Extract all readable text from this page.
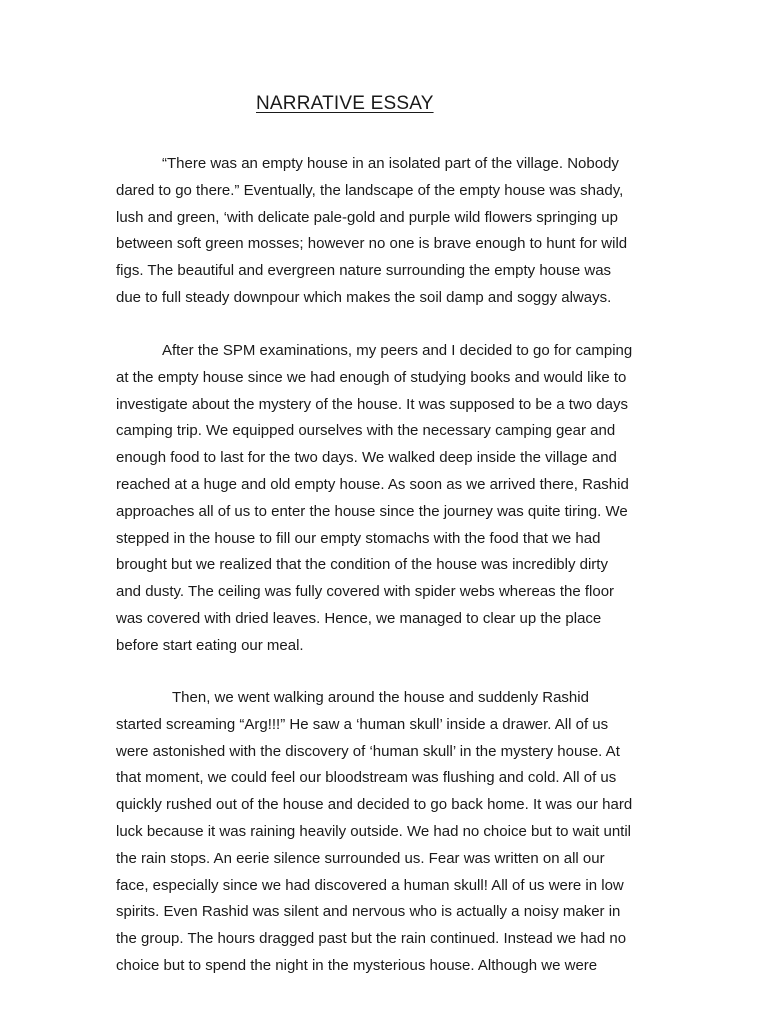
NARRATIVE ESSAY
“There was an empty house in an isolated part of the village. Nobody
dared to go there.” Eventually, the landscape of the empty house was shady,
lush and green, ‘with delicate pale-gold and purple wild flowers springing up
between soft green mosses; however no one is brave enough to hunt for wild
figs. The beautiful and evergreen nature surrounding the empty house was
due to full steady downpour which makes the soil damp and soggy always.
After the SPM examinations, my peers and I decided to go for camping
at the empty house since we had enough of studying books and would like to
investigate about the mystery of the house. It was supposed to be a two days
camping trip. We equipped ourselves with the necessary camping gear and
enough food to last for the two days. We walked deep inside the village and
reached at a huge and old empty house. As soon as we arrived there, Rashid
approaches all of us to enter the house since the journey was quite tiring. We
stepped in the house to fill our empty stomachs with the food that we had
brought but we realized that the condition of the house was incredibly dirty
and dusty. The ceiling was fully covered with spider webs whereas the floor
was covered with dried leaves. Hence, we managed to clear up the place
before start eating our meal.
Then, we went walking around the house and suddenly Rashid
started screaming “Arg!!!” He saw a ‘human skull’ inside a drawer. All of us
were astonished with the discovery of ‘human skull’ in the mystery house. At
that moment, we could feel our bloodstream was flushing and cold. All of us
quickly rushed out of the house and decided to go back home. It was our hard
luck because it was raining heavily outside. We had no choice but to wait until
the rain stops. An eerie silence surrounded us. Fear was written on all our
face, especially since we had discovered a human skull! All of us were in low
spirits. Even Rashid was silent and nervous who is actually a noisy maker in
the group. The hours dragged past but the rain continued. Instead we had no
choice but to spend the night in the mysterious house. Although we were
